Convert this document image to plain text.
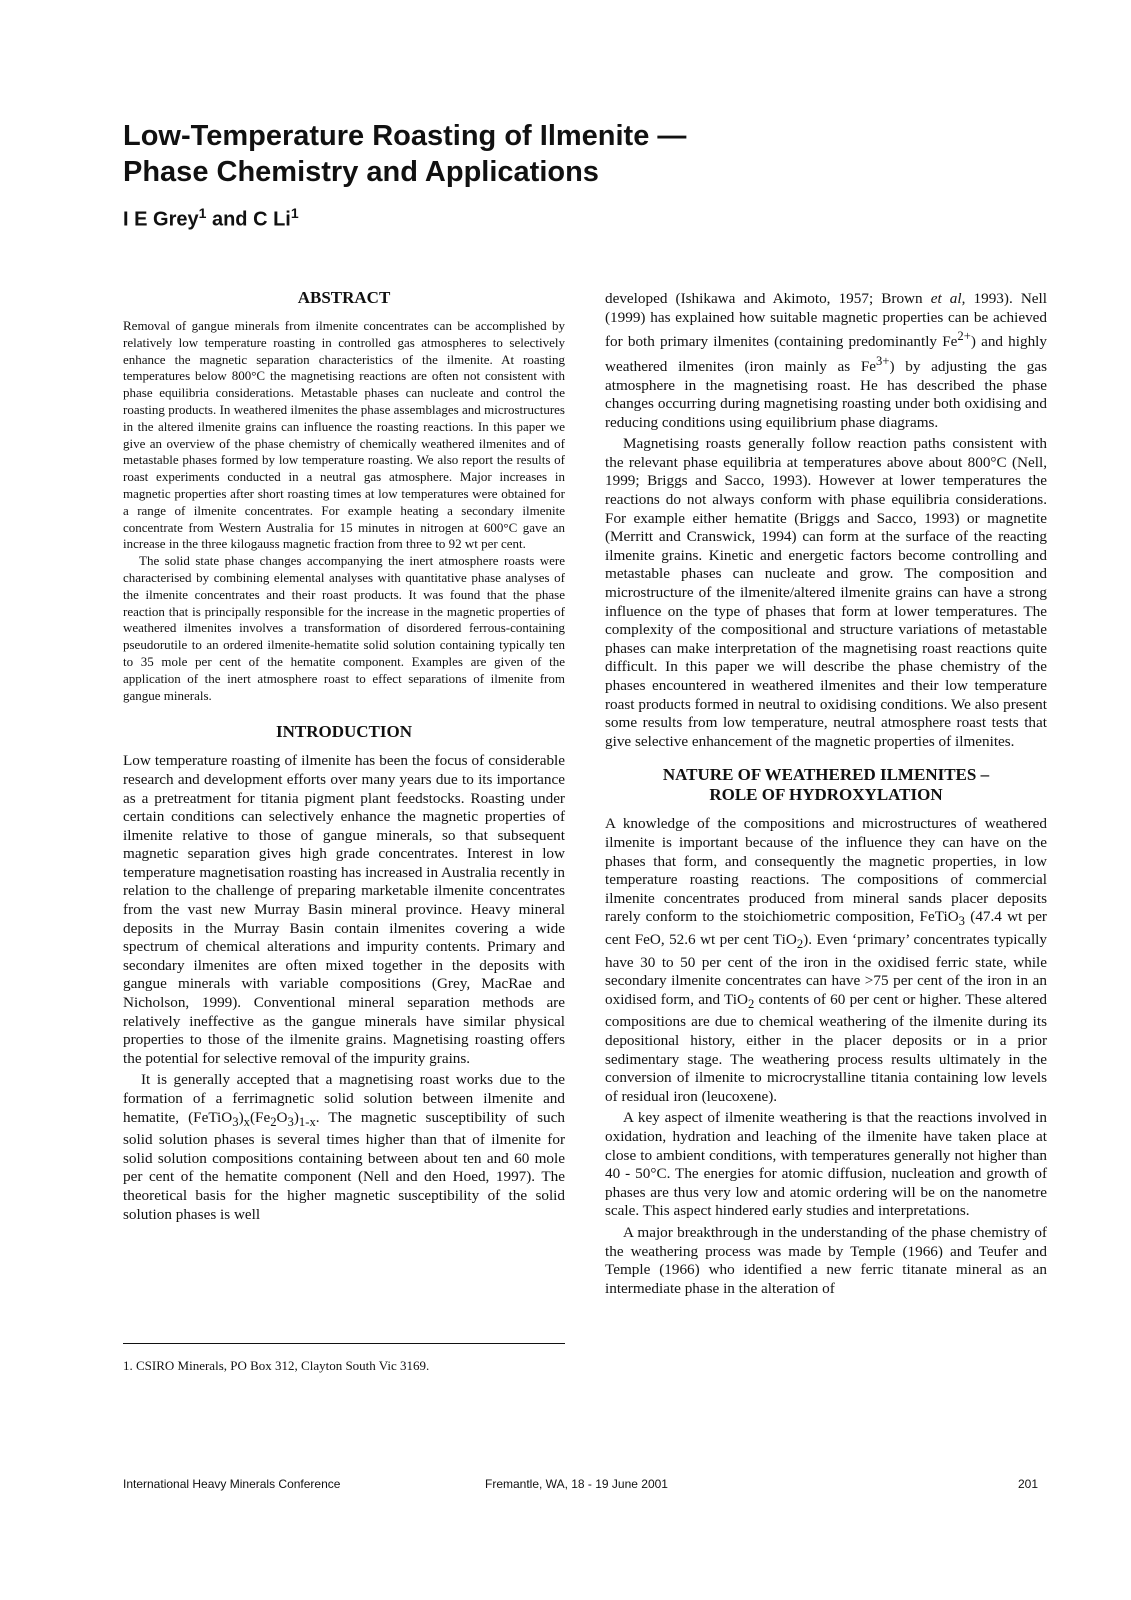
Low-Temperature Roasting of Ilmenite —
Phase Chemistry and Applications

I E Grey$^1$ and C Li$^1$

ABSTRACT

Removal of gangue minerals from ilmenite concentrates can be accomplished by relatively low temperature roasting in controlled gas atmospheres to selectively enhance the magnetic separation characteristics of the ilmenite. At roasting temperatures below 800°C the magnetising reactions are often not consistent with phase equilibria considerations. Metastable phases can nucleate and control the roasting products. In weathered ilmenites the phase assemblages and microstructures in the altered ilmenite grains can influence the roasting reactions. In this paper we give an overview of the phase chemistry of chemically weathered ilmenites and of metastable phases formed by low temperature roasting. We also report the results of roast experiments conducted in a neutral gas atmosphere. Major increases in magnetic properties after short roasting times at low temperatures were obtained for a range of ilmenite concentrates. For example heating a secondary ilmenite concentrate from Western Australia for 15 minutes in nitrogen at 600°C gave an increase in the three kilogauss magnetic fraction from three to 92 wt per cent.

The solid state phase changes accompanying the inert atmosphere roasts were characterised by combining elemental analyses with quantitative phase analyses of the ilmenite concentrates and their roast products. It was found that the phase reaction that is principally responsible for the increase in the magnetic properties of weathered ilmenites involves a transformation of disordered ferrous-containing pseudorutile to an ordered ilmenite-hematite solid solution containing typically ten to 35 mole per cent of the hematite component. Examples are given of the application of the inert atmosphere roast to effect separations of ilmenite from gangue minerals.

INTRODUCTION

Low temperature roasting of ilmenite has been the focus of considerable research and development efforts over many years due to its importance as a pretreatment for titania pigment plant feedstocks. Roasting under certain conditions can selectively enhance the magnetic properties of ilmenite relative to those of gangue minerals, so that subsequent magnetic separation gives high grade concentrates. Interest in low temperature magnetisation roasting has increased in Australia recently in relation to the challenge of preparing marketable ilmenite concentrates from the vast new Murray Basin mineral province. Heavy mineral deposits in the Murray Basin contain ilmenites covering a wide spectrum of chemical alterations and impurity contents. Primary and secondary ilmenites are often mixed together in the deposits with gangue minerals with variable compositions (Grey, MacRae and Nicholson, 1999). Conventional mineral separation methods are relatively ineffective as the gangue minerals have similar physical properties to those of the ilmenite grains. Magnetising roasting offers the potential for selective removal of the impurity grains.

It is generally accepted that a magnetising roast works due to the formation of a ferrimagnetic solid solution between ilmenite and hematite, $(FeTiO_3)_x(Fe_2O_3)_{1-x}$. The magnetic susceptibility of such solid solution phases is several times higher than that of ilmenite for solid solution compositions containing between about ten and 60 mole per cent of the hematite component (Nell and den Hoed, 1997). The theoretical basis for the higher magnetic susceptibility of the solid solution phases is well

1. CSIRO Minerals, PO Box 312, Clayton South Vic 3169.

developed (Ishikawa and Akimoto, 1957; Brown et al, 1993). Nell (1999) has explained how suitable magnetic properties can be achieved for both primary ilmenites (containing predominantly $Fe^{2+}$) and highly weathered ilmenites (iron mainly as $Fe^{3+}$) by adjusting the gas atmosphere in the magnetising roast. He has described the phase changes occurring during magnetising roasting under both oxidising and reducing conditions using equilibrium phase diagrams.

Magnetising roasts generally follow reaction paths consistent with the relevant phase equilibria at temperatures above about 800°C (Nell, 1999; Briggs and Sacco, 1993). However at lower temperatures the reactions do not always conform with phase equilibria considerations. For example either hematite (Briggs and Sacco, 1993) or magnetite (Merritt and Cranswick, 1994) can form at the surface of the reacting ilmenite grains. Kinetic and energetic factors become controlling and metastable phases can nucleate and grow. The composition and microstructure of the ilmenite/altered ilmenite grains can have a strong influence on the type of phases that form at lower temperatures. The complexity of the compositional and structure variations of metastable phases can make interpretation of the magnetising roast reactions quite difficult. In this paper we will describe the phase chemistry of the phases encountered in weathered ilmenites and their low temperature roast products formed in neutral to oxidising conditions. We also present some results from low temperature, neutral atmosphere roast tests that give selective enhancement of the magnetic properties of ilmenites.

NATURE OF WEATHERED ILMENITES –
ROLE OF HYDROXYLATION

A knowledge of the compositions and microstructures of weathered ilmenite is important because of the influence they can have on the phases that form, and consequently the magnetic properties, in low temperature roasting reactions. The compositions of commercial ilmenite concentrates produced from mineral sands placer deposits rarely conform to the stoichiometric composition, FeTiO$_3$ (47.4 wt per cent FeO, 52.6 wt per cent TiO$_2$). Even ‘primary’ concentrates typically have 30 to 50 per cent of the iron in the oxidised ferric state, while secondary ilmenite concentrates can have >75 per cent of the iron in an oxidised form, and TiO$_2$ contents of 60 per cent or higher. These altered compositions are due to chemical weathering of the ilmenite during its depositional history, either in the placer deposits or in a prior sedimentary stage. The weathering process results ultimately in the conversion of ilmenite to microcrystalline titania containing low levels of residual iron (leucoxene).

A key aspect of ilmenite weathering is that the reactions involved in oxidation, hydration and leaching of the ilmenite have taken place at close to ambient conditions, with temperatures generally not higher than 40 - 50°C. The energies for atomic diffusion, nucleation and growth of phases are thus very low and atomic ordering will be on the nanometre scale. This aspect hindered early studies and interpretations.

A major breakthrough in the understanding of the phase chemistry of the weathering process was made by Temple (1966) and Teufer and Temple (1966) who identified a new ferric titanate mineral as an intermediate phase in the alteration of

International Heavy Minerals Conference	Fremantle, WA, 18 - 19 June 2001	201
